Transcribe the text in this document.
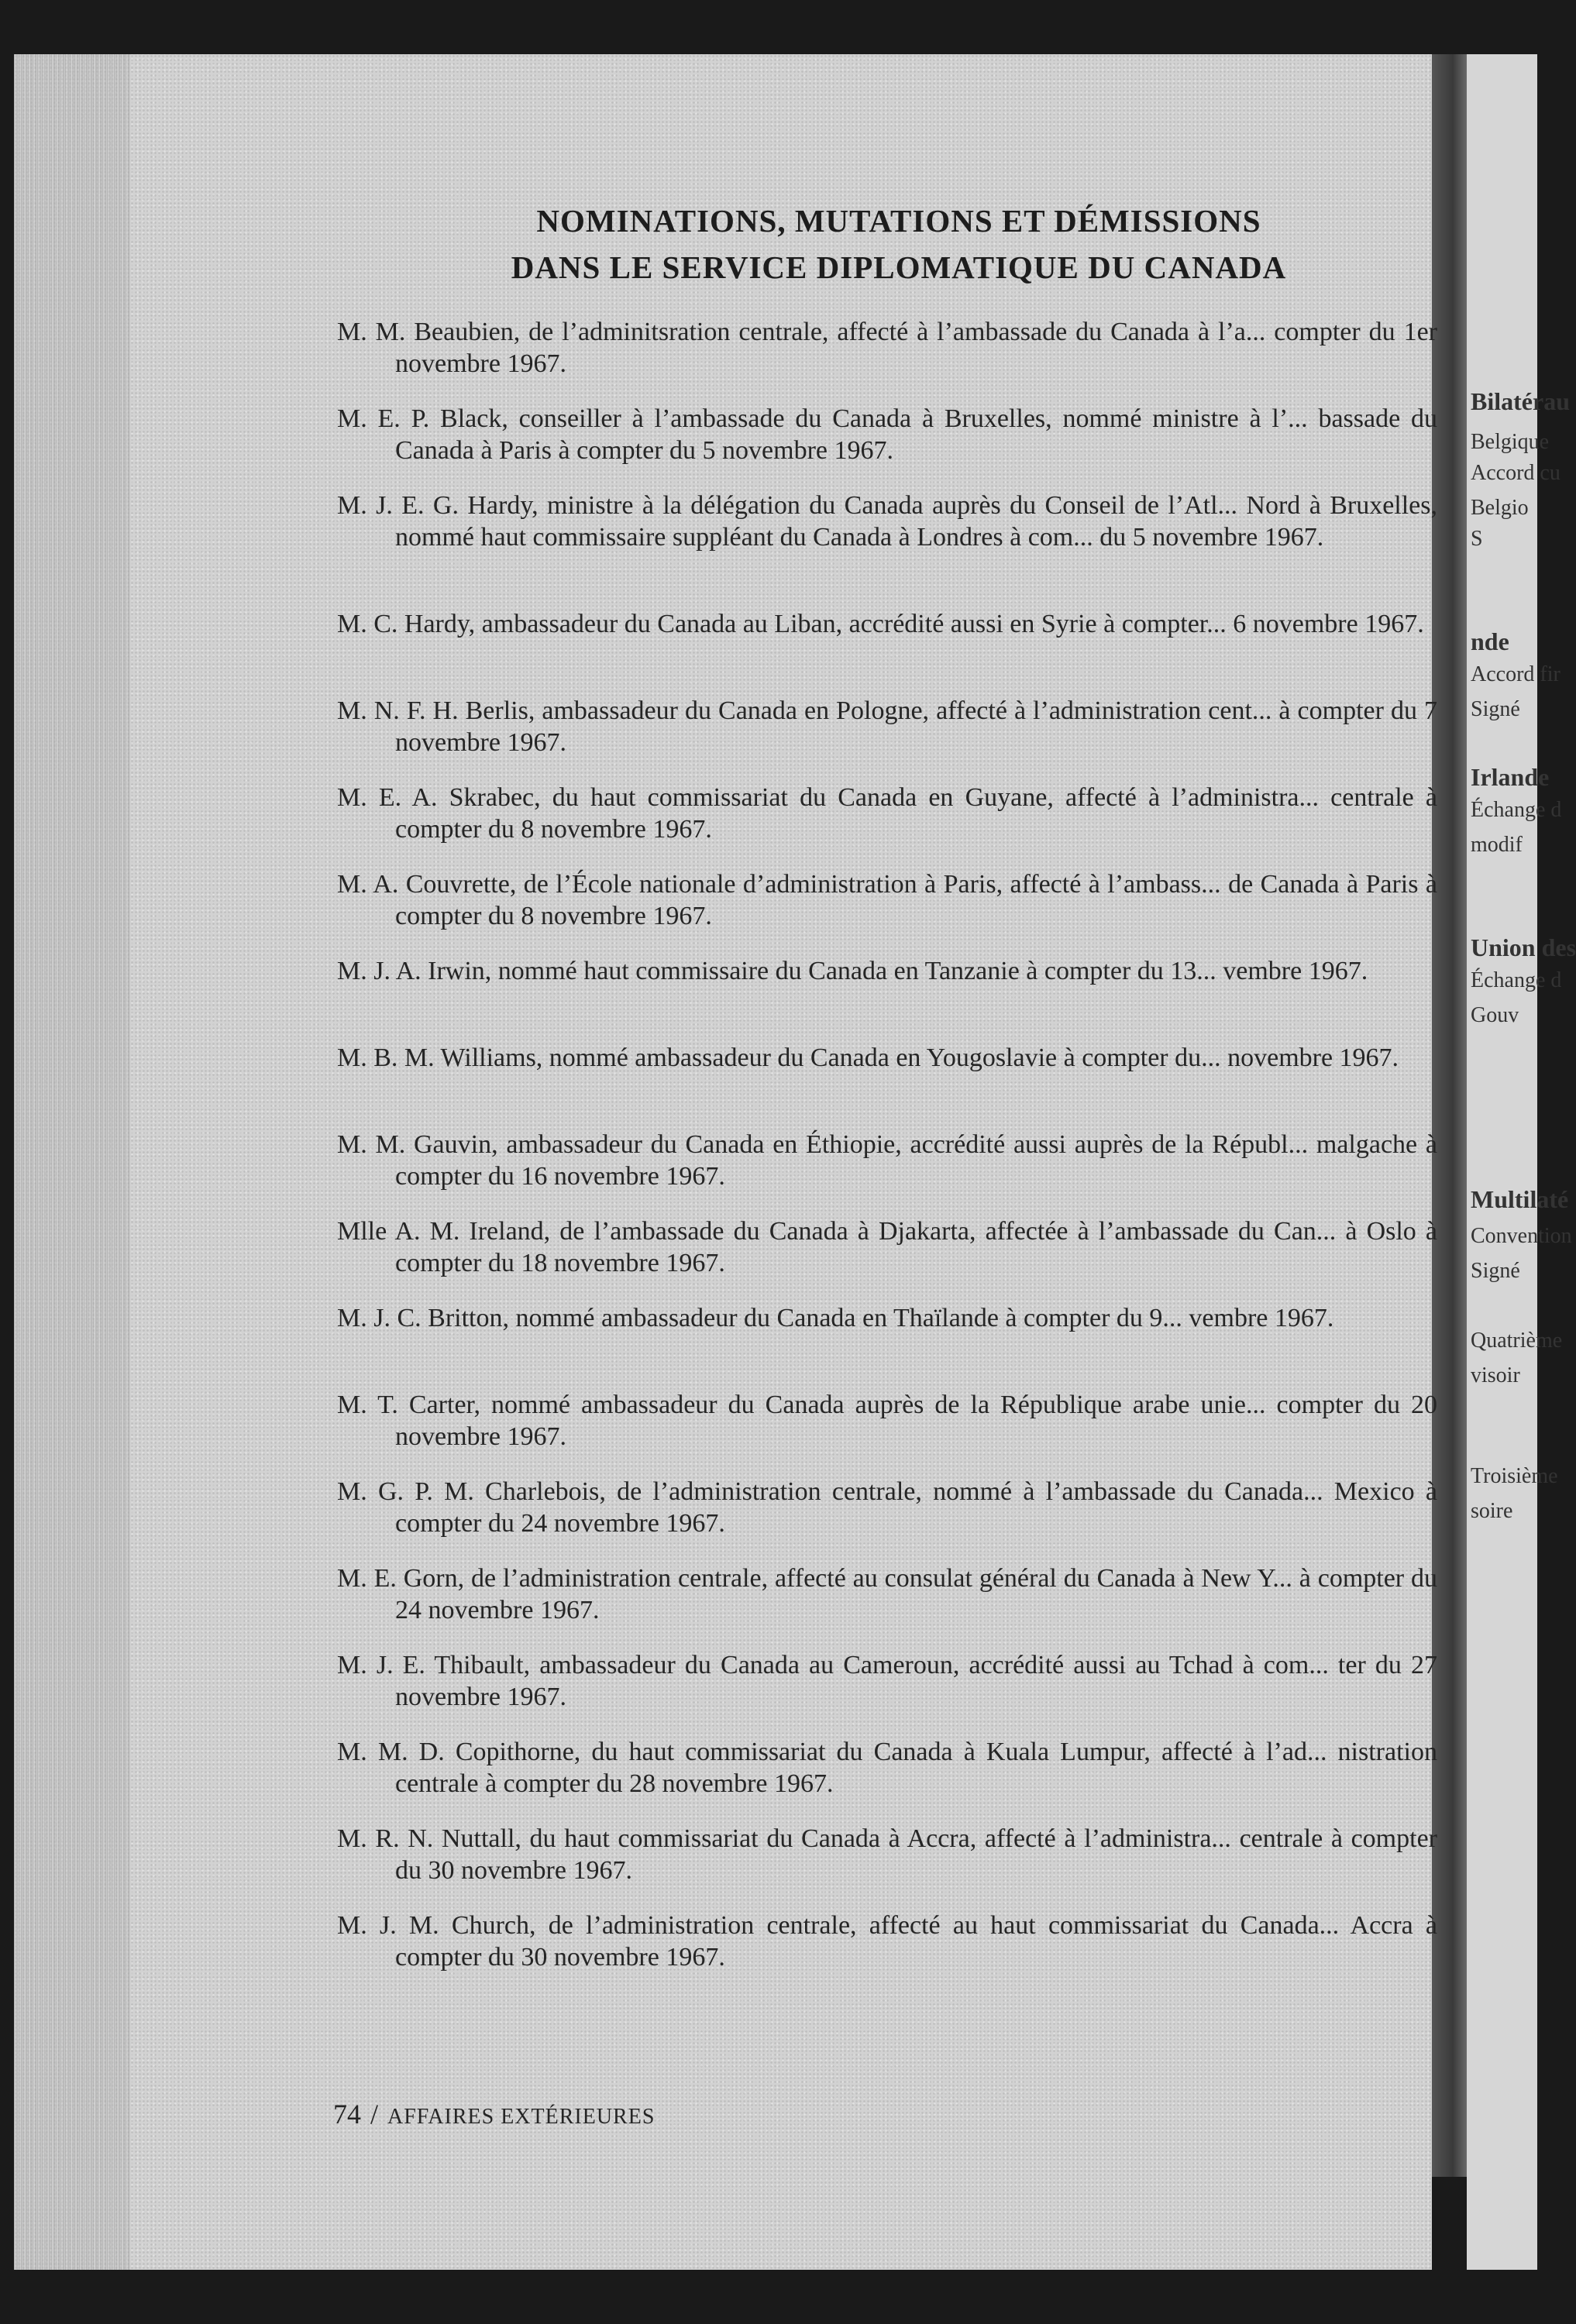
Bilatérau
Belgique
Accord cu
Belgio
S
nde
Accord fir
Signé
Irlande
Échange d
modif
Union des
Échange d
Gouv
Multilaté
Convention
Signé
Quatrième
visoir
Troisième
soire
NOMINATIONS, MUTATIONS ET DÉMISSIONS
DANS LE SERVICE DIPLOMATIQUE DU CANADA

M. M. Beaubien, de l’adminitsration centrale, affecté à l’ambassade du Canada à l’a... compter du 1er novembre 1967.

M. E. P. Black, conseiller à l’ambassade du Canada à Bruxelles, nommé ministre à l’... bassade du Canada à Paris à compter du 5 novembre 1967.

M. J. E. G. Hardy, ministre à la délégation du Canada auprès du Conseil de l’Atl... Nord à Bruxelles, nommé haut commissaire suppléant du Canada à Londres à com... du 5 novembre 1967.

M. C. Hardy, ambassadeur du Canada au Liban, accrédité aussi en Syrie à compter... 6 novembre 1967.

M. N. F. H. Berlis, ambassadeur du Canada en Pologne, affecté à l’administration cent... à compter du 7 novembre 1967.

M. E. A. Skrabec, du haut commissariat du Canada en Guyane, affecté à l’administra... centrale à compter du 8 novembre 1967.

M. A. Couvrette, de l’École nationale d’administration à Paris, affecté à l’ambass... de Canada à Paris à compter du 8 novembre 1967.

M. J. A. Irwin, nommé haut commissaire du Canada en Tanzanie à compter du 13... vembre 1967.

M. B. M. Williams, nommé ambassadeur du Canada en Yougoslavie à compter du... novembre 1967.

M. M. Gauvin, ambassadeur du Canada en Éthiopie, accrédité aussi auprès de la Républ... malgache à compter du 16 novembre 1967.

Mlle A. M. Ireland, de l’ambassade du Canada à Djakarta, affectée à l’ambassade du Can... à Oslo à compter du 18 novembre 1967.

M. J. C. Britton, nommé ambassadeur du Canada en Thaïlande à compter du 9... vembre 1967.

M. T. Carter, nommé ambassadeur du Canada auprès de la République arabe unie... compter du 20 novembre 1967.

M. G. P. M. Charlebois, de l’administration centrale, nommé à l’ambassade du Canada... Mexico à compter du 24 novembre 1967.

M. E. Gorn, de l’administration centrale, affecté au consulat général du Canada à New Y... à compter du 24 novembre 1967.

M. J. E. Thibault, ambassadeur du Canada au Cameroun, accrédité aussi au Tchad à com... ter du 27 novembre 1967.

M. M. D. Copithorne, du haut commissariat du Canada à Kuala Lumpur, affecté à l’ad... nistration centrale à compter du 28 novembre 1967.

M. R. N. Nuttall, du haut commissariat du Canada à Accra, affecté à l’administra... centrale à compter du 30 novembre 1967.

M. J. M. Church, de l’administration centrale, affecté au haut commissariat du Canada... Accra à compter du 30 novembre 1967.

74 / AFFAIRES EXTÉRIEURES
